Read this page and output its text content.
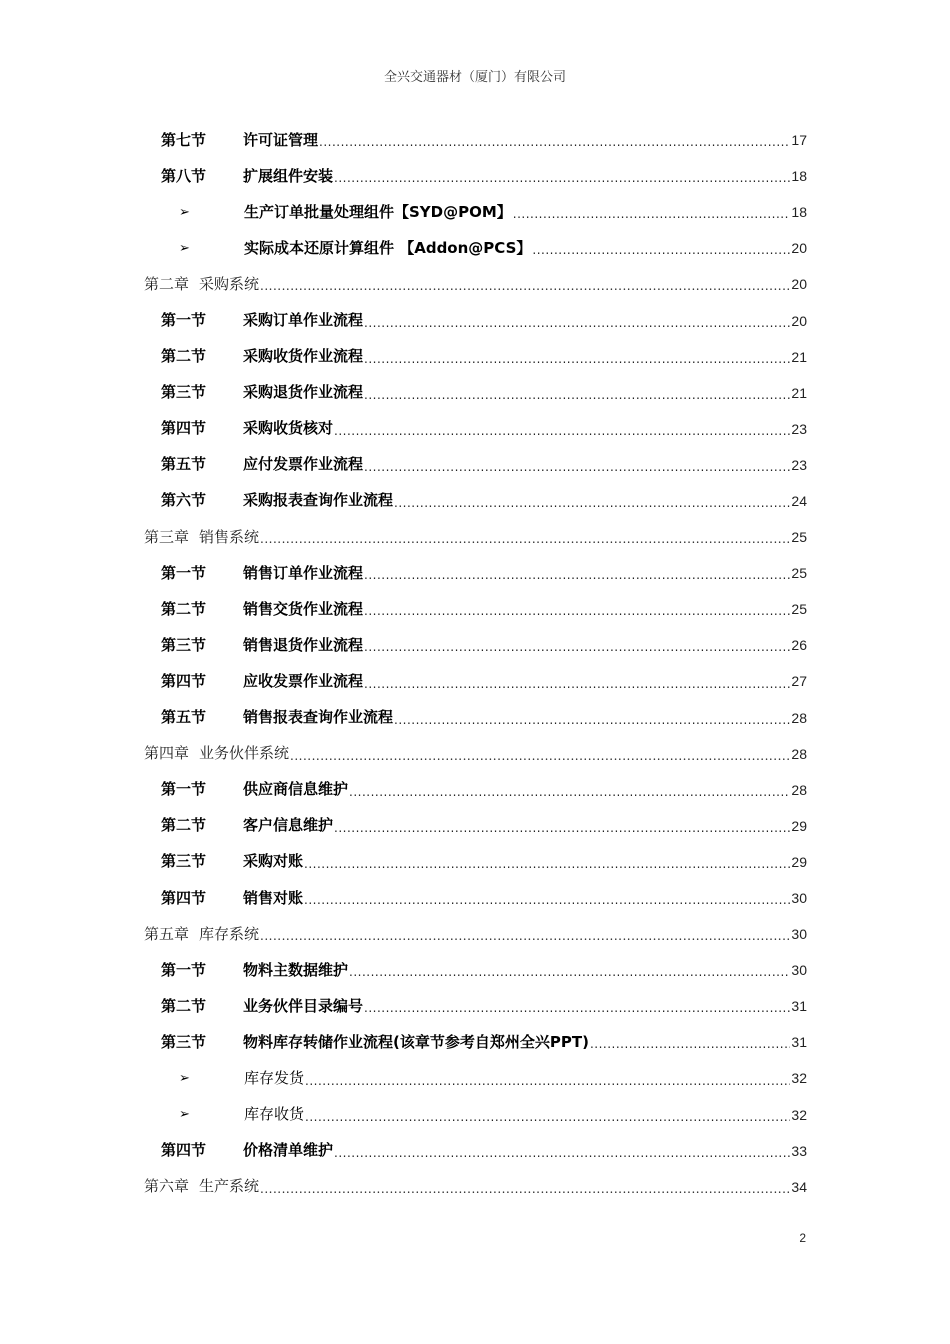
全兴交通器材（厦门）有限公司
第七节	许可证管理 .....	17
第八节	扩展组件安装 .....	18
➢	生产订单批量处理组件【SYD@POM】 .....	18
➢	实际成本还原计算组件 【Addon@PCS】 .....	20
第二章 采购系统 .....	20
第一节	采购订单作业流程 .....	20
第二节	采购收货作业流程 .....	21
第三节	采购退货作业流程 .....	21
第四节	采购收货核对 .....	23
第五节	应付发票作业流程 .....	23
第六节	采购报表查询作业流程 .....	24
第三章 销售系统 .....	25
第一节	销售订单作业流程 .....	25
第二节	销售交货作业流程 .....	25
第三节	销售退货作业流程 .....	26
第四节	应收发票作业流程 .....	27
第五节	销售报表查询作业流程 .....	28
第四章 业务伙伴系统 .....	28
第一节	供应商信息维护 .....	28
第二节	客户信息维护 .....	29
第三节	采购对账 .....	29
第四节	销售对账 .....	30
第五章 库存系统 .....	30
第一节	物料主数据维护 .....	30
第二节	业务伙伴目录编号 .....	31
第三节	物料库存转储作业流程(该章节参考自郑州全兴PPT) .....	31
➢	库存发货 .....	32
➢	库存收货 .....	32
第四节	价格清单维护 .....	33
第六章 生产系统 .....	34
2
